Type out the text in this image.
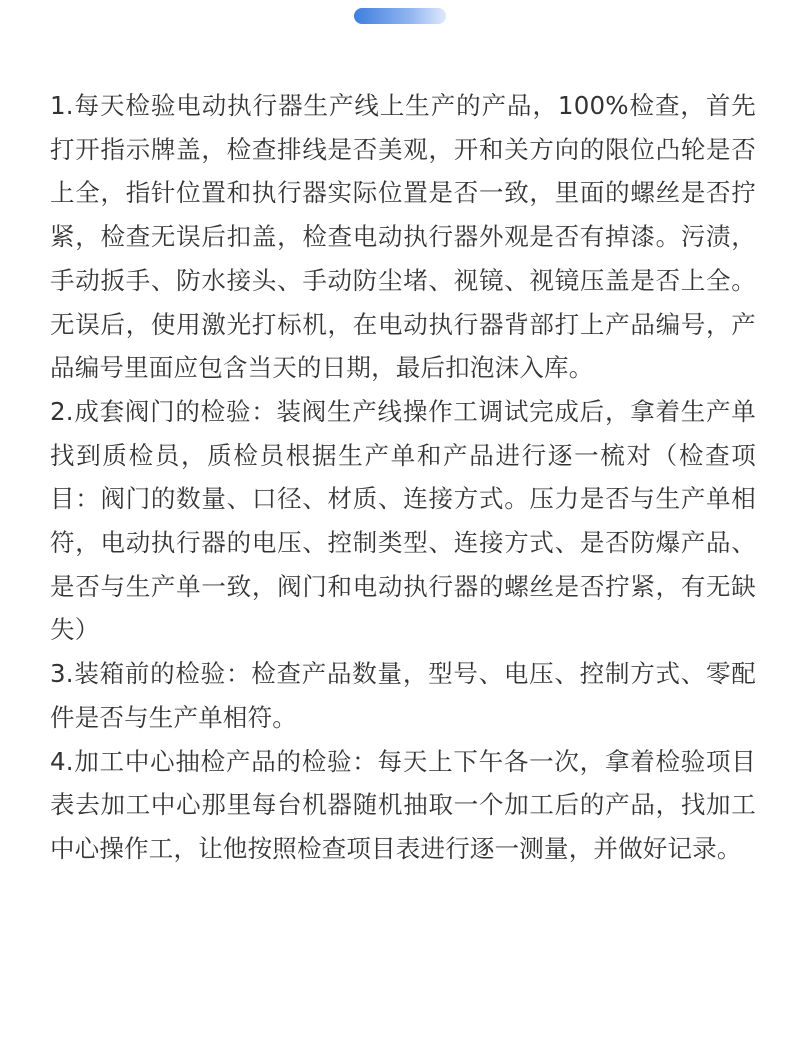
1.每天检验电动执行器生产线上生产的产品，100%检查，首先打开指示牌盖，检查排线是否美观，开和关方向的限位凸轮是否上全，指针位置和执行器实际位置是否一致，里面的螺丝是否拧紧，检查无误后扣盖，检查电动执行器外观是否有掉漆。污渍，手动扳手、防水接头、手动防尘堵、视镜、视镜压盖是否上全。无误后，使用激光打标机，在电动执行器背部打上产品编号，产品编号里面应包含当天的日期，最后扣泡沫入库。

2.成套阀门的检验：装阀生产线操作工调试完成后，拿着生产单找到质检员，质检员根据生产单和产品进行逐一梳对（检查项目：阀门的数量、口径、材质、连接方式。压力是否与生产单相符，电动执行器的电压、控制类型、连接方式、是否防爆产品、是否与生产单一致，阀门和电动执行器的螺丝是否拧紧，有无缺失）

3.装箱前的检验：检查产品数量，型号、电压、控制方式、零配件是否与生产单相符。

4.加工中心抽检产品的检验：每天上下午各一次，拿着检验项目表去加工中心那里每台机器随机抽取一个加工后的产品，找加工中心操作工，让他按照检查项目表进行逐一测量，并做好记录。
